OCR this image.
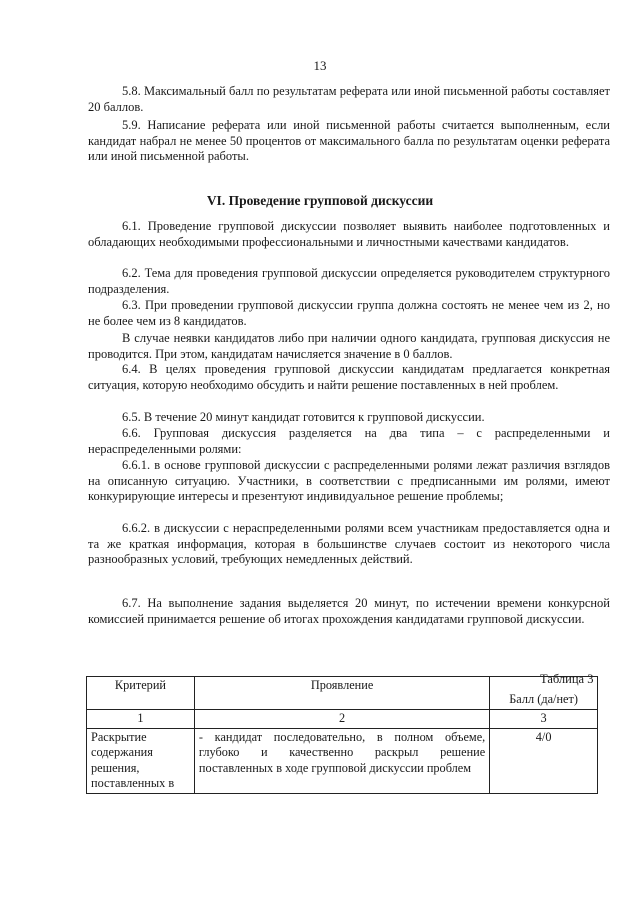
13
5.8. Максимальный балл по результатам реферата или иной письменной работы составляет 20 баллов.
5.9. Написание реферата или иной письменной работы считается выполненным, если кандидат набрал не менее 50 процентов от максимального балла по результатам оценки реферата или иной письменной работы.
VI. Проведение групповой дискуссии
6.1. Проведение групповой дискуссии позволяет выявить наиболее подготовленных и обладающих необходимыми профессиональными и личностными качествами кандидатов.
6.2. Тема для проведения групповой дискуссии определяется руководителем структурного подразделения.
6.3. При проведении групповой дискуссии группа должна состоять не менее чем из 2, но не более чем из 8 кандидатов.
В случае неявки кандидатов либо при наличии одного кандидата, групповая дискуссия не проводится. При этом, кандидатам начисляется значение в 0 баллов.
6.4. В целях проведения групповой дискуссии кандидатам предлагается конкретная ситуация, которую необходимо обсудить и найти решение поставленных в ней проблем.
6.5. В течение 20 минут кандидат готовится к групповой дискуссии.
6.6. Групповая дискуссия разделяется на два типа – с распределенными и нераспределенными ролями:
6.6.1. в основе групповой дискуссии с распределенными ролями лежат различия взглядов на описанную ситуацию. Участники, в соответствии с предписанными им ролями, имеют конкурирующие интересы и презентуют индивидуальное решение проблемы;
6.6.2. в дискуссии с нераспределенными ролями всем участникам предоставляется одна и та же краткая информация, которая в большинстве случаев состоит из некоторого числа разнообразных условий, требующих немедленных действий.
6.7. На выполнение задания выделяется 20 минут, по истечении времени конкурсной комиссией принимается решение об итогах прохождения кандидатами групповой дискуссии.
Таблица 3
Критерий	Проявление	Балл (да/нет)
1	2	3
Раскрытие содержания решения, поставленных в	- кандидат последовательно, в полном объеме, глубоко и качественно раскрыл решение поставленных в ходе групповой дискуссии проблем	4/0
